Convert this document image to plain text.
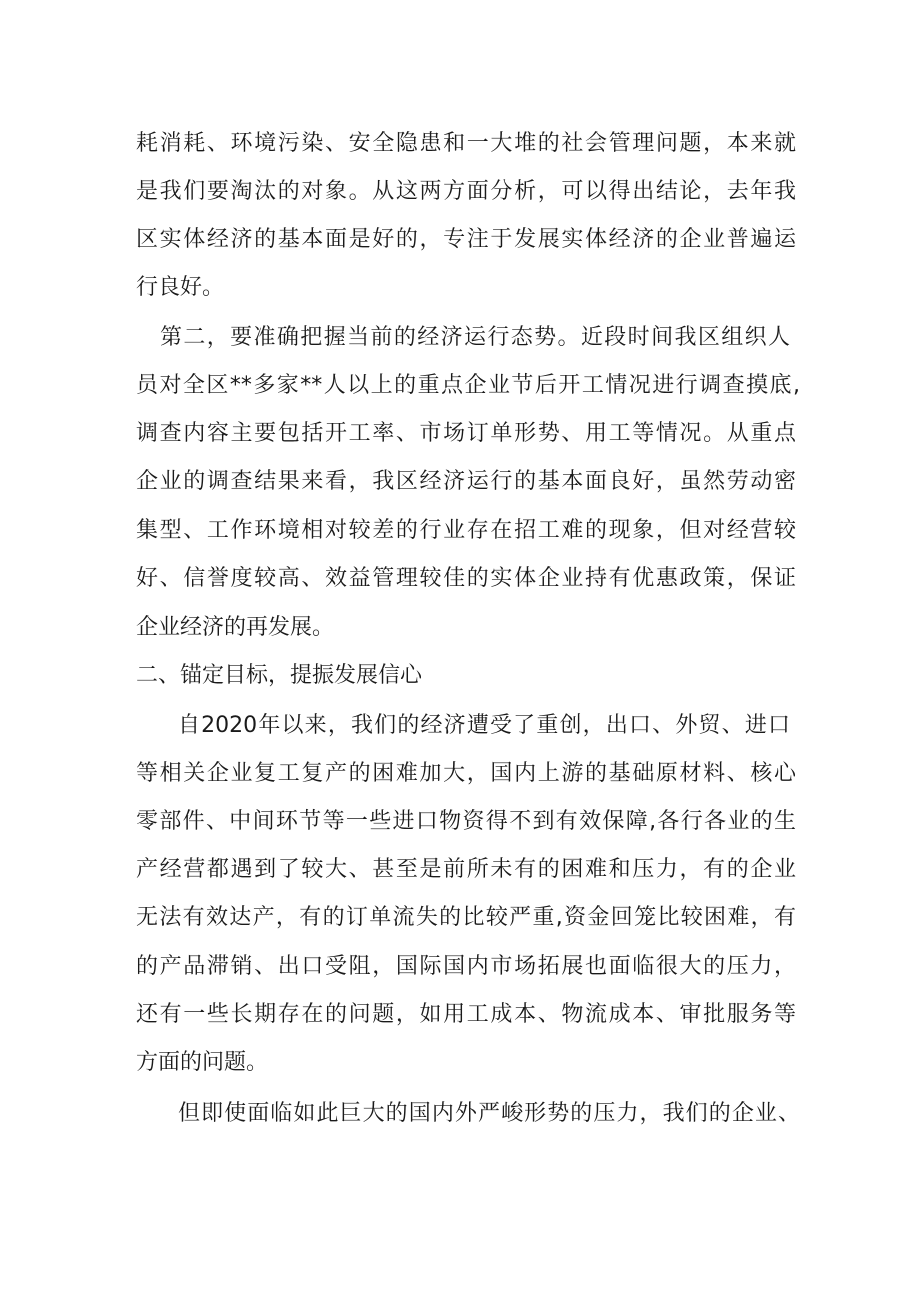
耗消耗、环境污染、安全隐患和一大堆的社会管理问题，本来就
是我们要淘汰的对象。从这两方面分析，可以得出结论，去年我
区实体经济的基本面是好的，专注于发展实体经济的企业普遍运
行良好。
第二，要准确把握当前的经济运行态势。近段时间我区组织人
员对全区**多家**人以上的重点企业节后开工情况进行调查摸底,
调查内容主要包括开工率、市场订单形势、用工等情况。从重点
企业的调查结果来看，我区经济运行的基本面良好，虽然劳动密
集型、工作环境相对较差的行业存在招工难的现象，但对经营较
好、信誉度较高、效益管理较佳的实体企业持有优惠政策，保证
企业经济的再发展。
二、锚定目标，提振发展信心
自2020年以来，我们的经济遭受了重创，出口、外贸、进口
等相关企业复工复产的困难加大，国内上游的基础原材料、核心
零部件、中间环节等一些进口物资得不到有效保障,各行各业的生
产经营都遇到了较大、甚至是前所未有的困难和压力，有的企业
无法有效达产，有的订单流失的比较严重,资金回笼比较困难，有
的产品滞销、出口受阻，国际国内市场拓展也面临很大的压力，
还有一些长期存在的问题，如用工成本、物流成本、审批服务等
方面的问题。
但即使面临如此巨大的国内外严峻形势的压力，我们的企业、
